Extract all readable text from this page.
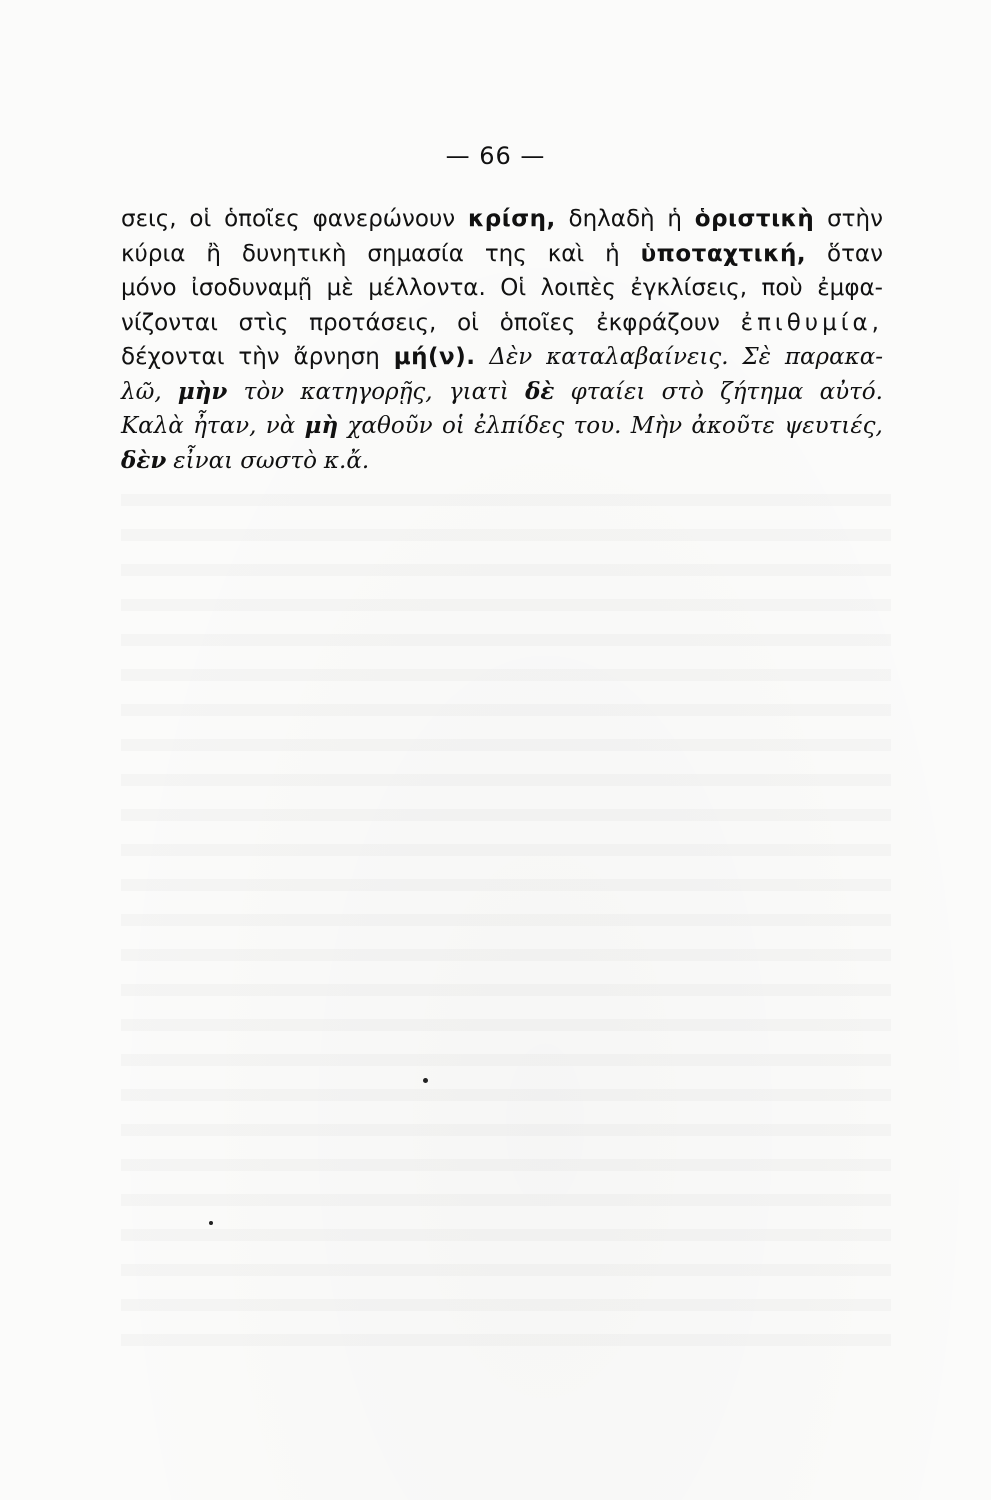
— 66 —
σεις, οἱ ὁποῖες φανερώνουν κρίση, δηλαδὴ ἡ ὁριστικὴ στὴν
κύρια ἢ δυνητικὴ σημασία της καὶ ἡ ὑποταχτική, ὅταν
μόνο ἰσοδυναμῇ μὲ μέλλοντα. Οἱ λοιπὲς ἐγκλίσεις, ποὺ ἐμφα-
νίζονται στὶς προτάσεις, οἱ ὁποῖες ἐκφράζουν ἐπιθυμία,
δέχονται τὴν ἄρνηση μή(ν). Δὲν καταλαβαίνεις. Σὲ παρακα-
λῶ, μὴν τὸν κατηγορῇς, γιατὶ δὲ φταίει στὸ ζήτημα αὐτό.
Καλὰ ἦταν, νὰ μὴ χαθοῦν οἱ ἐλπίδες του. Μὴν ἀκοῦτε ψευτιές,
δὲν εἶναι σωστὸ κ.ἄ.
